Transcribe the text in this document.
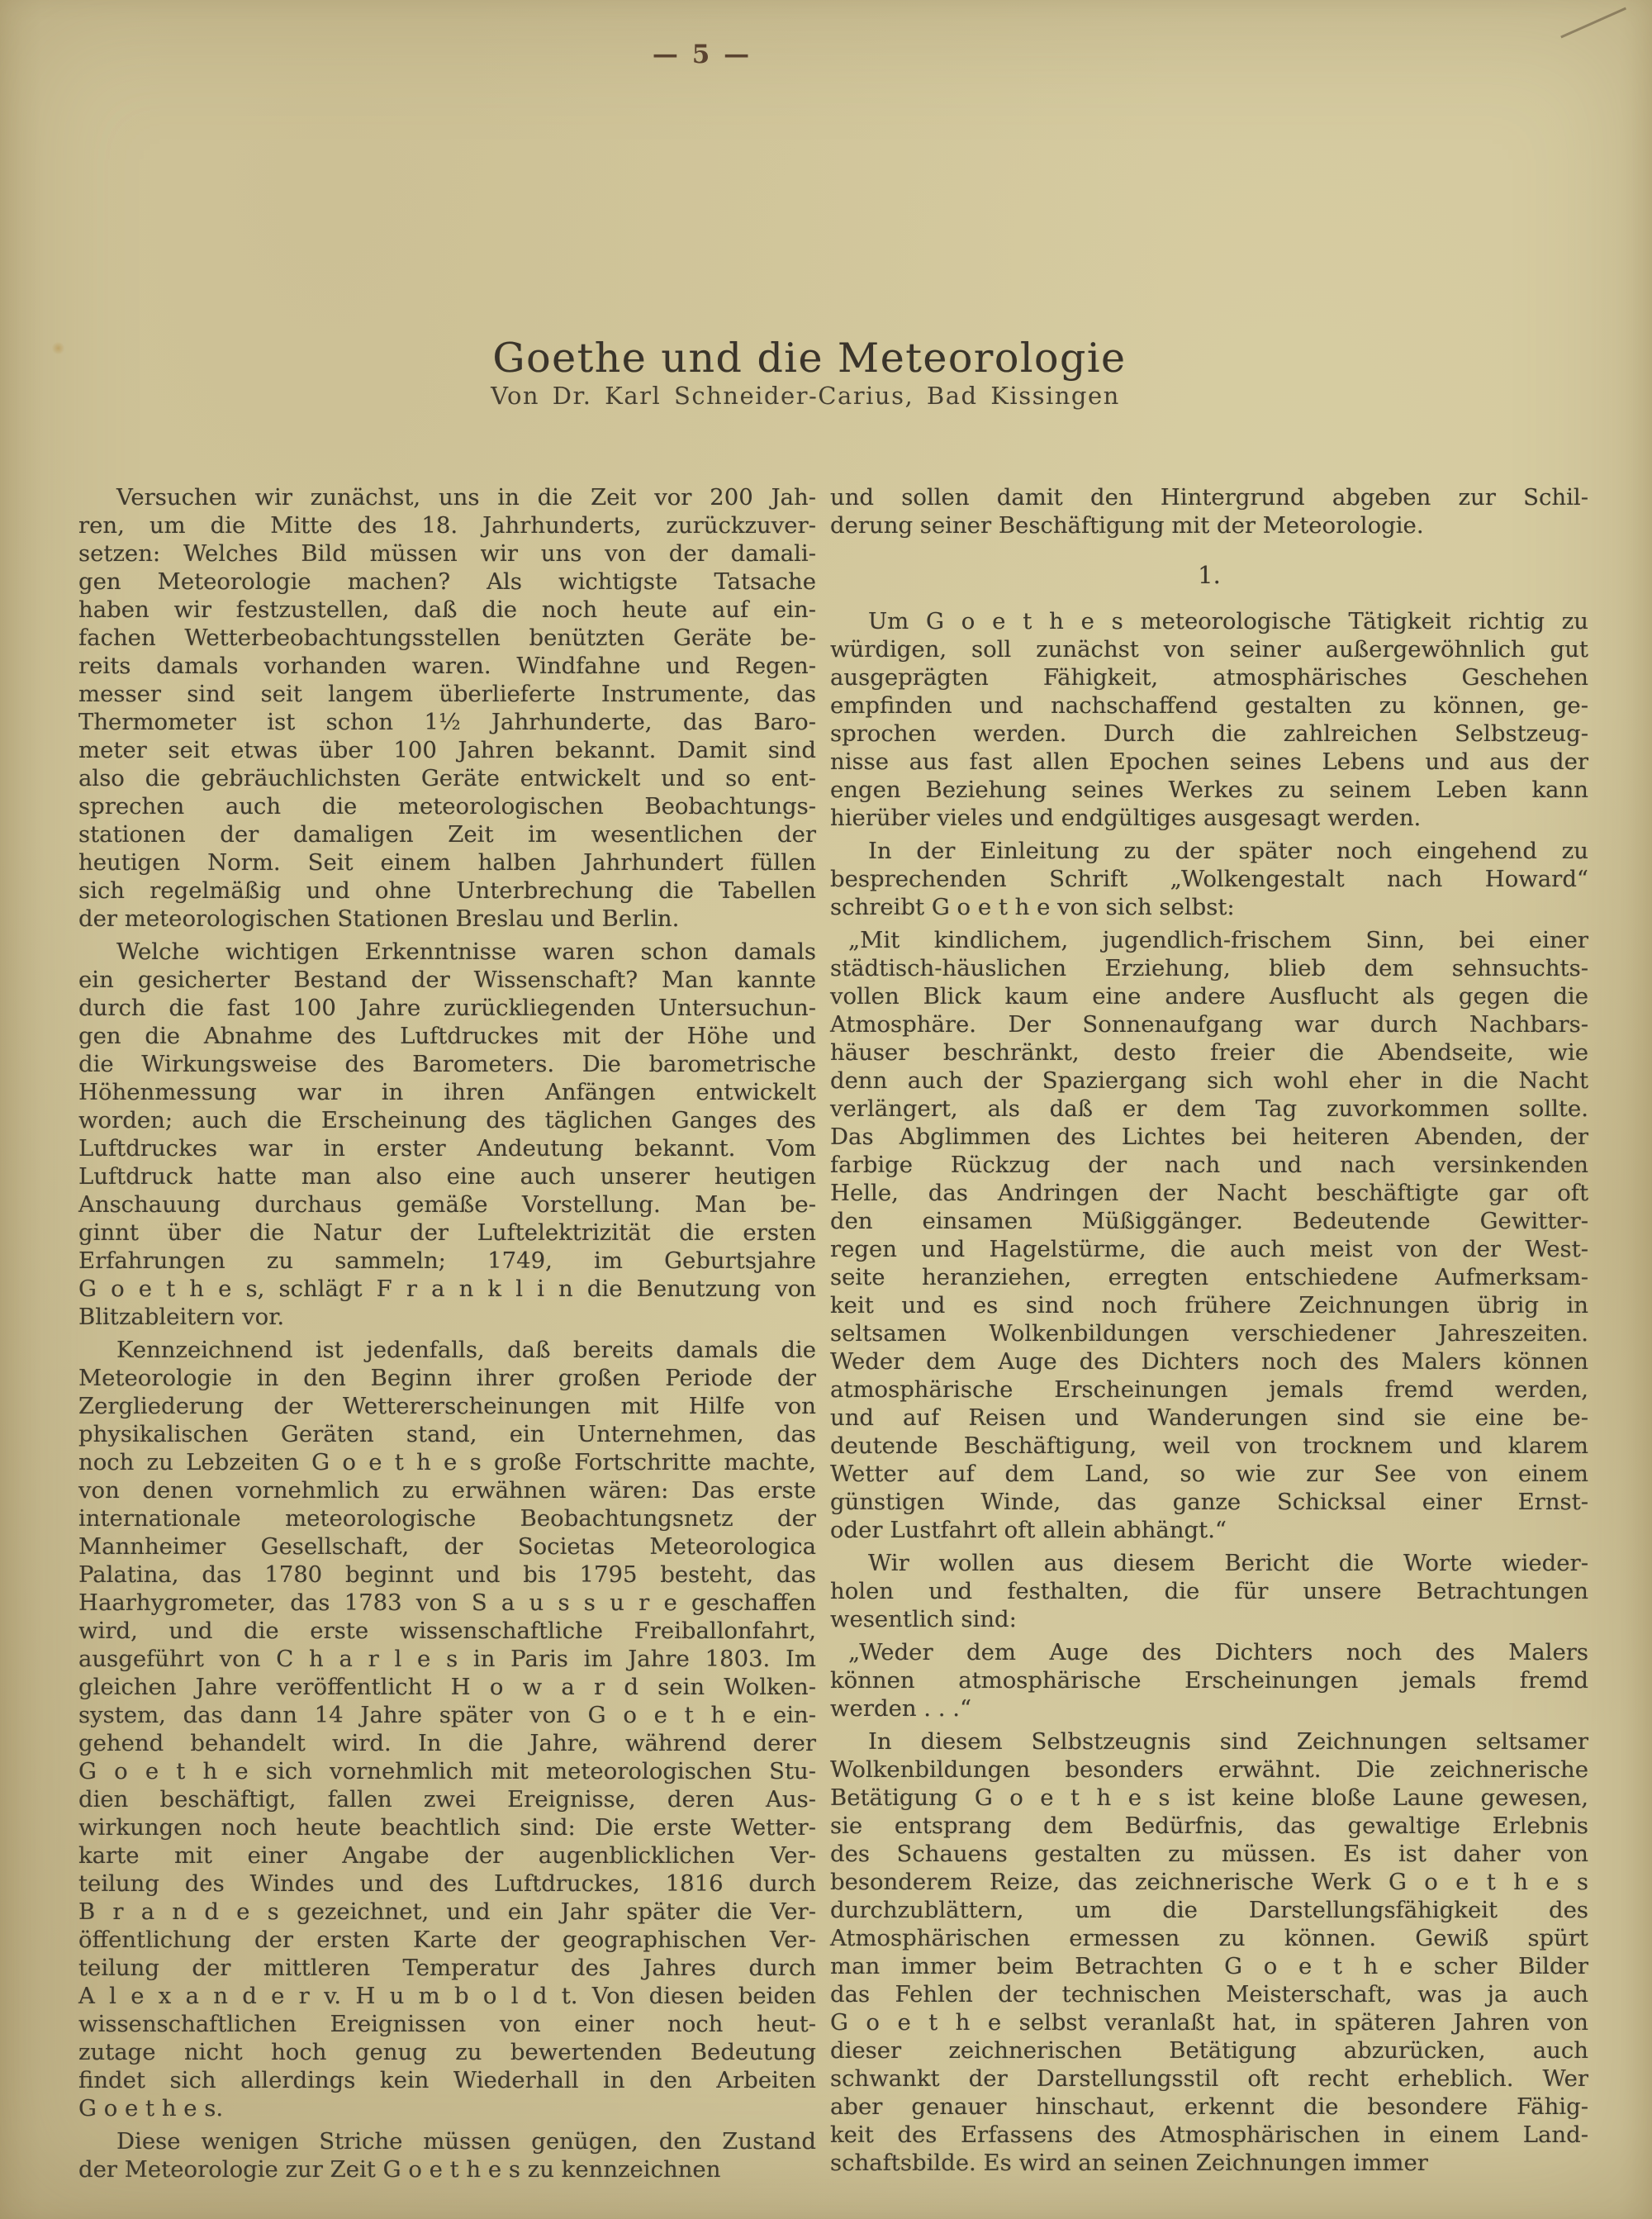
— 5 —
Goethe und die Meteorologie
Von Dr. Karl Schneider-Carius, Bad Kissingen
Versuchen wir zunächst, uns in die Zeit vor 200 Jah-
ren, um die Mitte des 18. Jahrhunderts, zurückzuver-
setzen: Welches Bild müssen wir uns von der damali-
gen Meteorologie machen? Als wichtigste Tatsache
haben wir festzustellen, daß die noch heute auf ein-
fachen Wetterbeobachtungsstellen benützten Geräte be-
reits damals vorhanden waren. Windfahne und Regen-
messer sind seit langem überlieferte Instrumente, das
Thermometer ist schon 1½ Jahrhunderte, das Baro-
meter seit etwas über 100 Jahren bekannt. Damit sind
also die gebräuchlichsten Geräte entwickelt und so ent-
sprechen auch die meteorologischen Beobachtungs-
stationen der damaligen Zeit im wesentlichen der
heutigen Norm. Seit einem halben Jahrhundert füllen
sich regelmäßig und ohne Unterbrechung die Tabellen
der meteorologischen Stationen Breslau und Berlin.
Welche wichtigen Erkenntnisse waren schon damals
ein gesicherter Bestand der Wissenschaft? Man kannte
durch die fast 100 Jahre zurückliegenden Untersuchun-
gen die Abnahme des Luftdruckes mit der Höhe und
die Wirkungsweise des Barometers. Die barometrische
Höhenmessung war in ihren Anfängen entwickelt
worden; auch die Erscheinung des täglichen Ganges des
Luftdruckes war in erster Andeutung bekannt. Vom
Luftdruck hatte man also eine auch unserer heutigen
Anschauung durchaus gemäße Vorstellung. Man be-
ginnt über die Natur der Luftelektrizität die ersten
Erfahrungen zu sammeln; 1749, im Geburtsjahre
G o e t h e s, schlägt F r a n k l i n die Benutzung von
Blitzableitern vor.
Kennzeichnend ist jedenfalls, daß bereits damals die
Meteorologie in den Beginn ihrer großen Periode der
Zergliederung der Wettererscheinungen mit Hilfe von
physikalischen Geräten stand, ein Unternehmen, das
noch zu Lebzeiten G o e t h e s große Fortschritte machte,
von denen vornehmlich zu erwähnen wären: Das erste
internationale meteorologische Beobachtungsnetz der
Mannheimer Gesellschaft, der Societas Meteorologica
Palatina, das 1780 beginnt und bis 1795 besteht, das
Haarhygrometer, das 1783 von S a u s s u r e geschaffen
wird, und die erste wissenschaftliche Freiballonfahrt,
ausgeführt von C h a r l e s in Paris im Jahre 1803. Im
gleichen Jahre veröffentlicht H o w a r d sein Wolken-
system, das dann 14 Jahre später von G o e t h e ein-
gehend behandelt wird. In die Jahre, während derer
G o e t h e sich vornehmlich mit meteorologischen Stu-
dien beschäftigt, fallen zwei Ereignisse, deren Aus-
wirkungen noch heute beachtlich sind: Die erste Wetter-
karte mit einer Angabe der augenblicklichen Ver-
teilung des Windes und des Luftdruckes, 1816 durch
B r a n d e s gezeichnet, und ein Jahr später die Ver-
öffentlichung der ersten Karte der geographischen Ver-
teilung der mittleren Temperatur des Jahres durch
A l e x a n d e r v. H u m b o l d t. Von diesen beiden
wissenschaftlichen Ereignissen von einer noch heut-
zutage nicht hoch genug zu bewertenden Bedeutung
findet sich allerdings kein Wiederhall in den Arbeiten
G o e t h e s.
Diese wenigen Striche müssen genügen, den Zustand
der Meteorologie zur Zeit G o e t h e s zu kennzeichnen
und sollen damit den Hintergrund abgeben zur Schil-
derung seiner Beschäftigung mit der Meteorologie.
1.
Um G o e t h e s meteorologische Tätigkeit richtig zu
würdigen, soll zunächst von seiner außergewöhnlich gut
ausgeprägten Fähigkeit, atmosphärisches Geschehen
empfinden und nachschaffend gestalten zu können, ge-
sprochen werden. Durch die zahlreichen Selbstzeug-
nisse aus fast allen Epochen seines Lebens und aus der
engen Beziehung seines Werkes zu seinem Leben kann
hierüber vieles und endgültiges ausgesagt werden.
In der Einleitung zu der später noch eingehend zu
besprechenden Schrift „Wolkengestalt nach Howard“
schreibt G o e t h e von sich selbst:
„Mit kindlichem, jugendlich-frischem Sinn, bei einer
städtisch-häuslichen Erziehung, blieb dem sehnsuchts-
vollen Blick kaum eine andere Ausflucht als gegen die
Atmosphäre. Der Sonnenaufgang war durch Nachbars-
häuser beschränkt, desto freier die Abendseite, wie
denn auch der Spaziergang sich wohl eher in die Nacht
verlängert, als daß er dem Tag zuvorkommen sollte.
Das Abglimmen des Lichtes bei heiteren Abenden, der
farbige Rückzug der nach und nach versinkenden
Helle, das Andringen der Nacht beschäftigte gar oft
den einsamen Müßiggänger. Bedeutende Gewitter-
regen und Hagelstürme, die auch meist von der West-
seite heranziehen, erregten entschiedene Aufmerksam-
keit und es sind noch frühere Zeichnungen übrig in
seltsamen Wolkenbildungen verschiedener Jahreszeiten.
Weder dem Auge des Dichters noch des Malers können
atmosphärische Erscheinungen jemals fremd werden,
und auf Reisen und Wanderungen sind sie eine be-
deutende Beschäftigung, weil von trocknem und klarem
Wetter auf dem Land, so wie zur See von einem
günstigen Winde, das ganze Schicksal einer Ernst-
oder Lustfahrt oft allein abhängt.“
Wir wollen aus diesem Bericht die Worte wieder-
holen und festhalten, die für unsere Betrachtungen
wesentlich sind:
„Weder dem Auge des Dichters noch des Malers
können atmosphärische Erscheinungen jemals fremd
werden . . .“
In diesem Selbstzeugnis sind Zeichnungen seltsamer
Wolkenbildungen besonders erwähnt. Die zeichnerische
Betätigung G o e t h e s ist keine bloße Laune gewesen,
sie entsprang dem Bedürfnis, das gewaltige Erlebnis
des Schauens gestalten zu müssen. Es ist daher von
besonderem Reize, das zeichnerische Werk G o e t h e s
durchzublättern, um die Darstellungsfähigkeit des
Atmosphärischen ermessen zu können. Gewiß spürt
man immer beim Betrachten G o e t h e scher Bilder
das Fehlen der technischen Meisterschaft, was ja auch
G o e t h e selbst veranlaßt hat, in späteren Jahren von
dieser zeichnerischen Betätigung abzurücken, auch
schwankt der Darstellungsstil oft recht erheblich. Wer
aber genauer hinschaut, erkennt die besondere Fähig-
keit des Erfassens des Atmosphärischen in einem Land-
schaftsbilde. Es wird an seinen Zeichnungen immer
